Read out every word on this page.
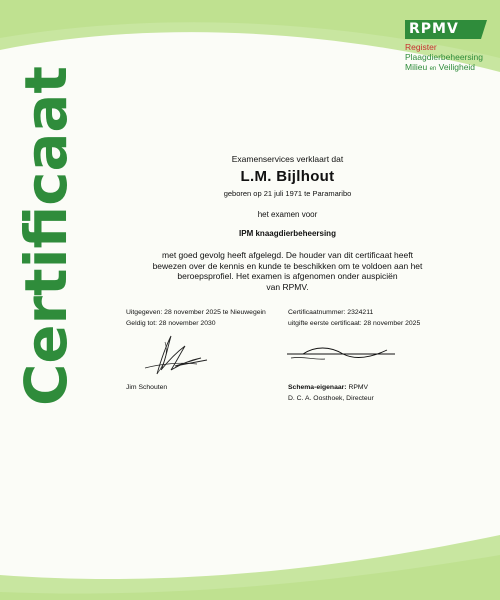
RPMV
Register
Plaagdierbeheersing
Milieu en Veiligheid
Certificaat	Examenservices verklaart dat
L.M. Bijlhout
geboren op 21 juli 1971 te Paramaribo
het examen voor
IPM knaagdierbeheersing
met goed gevolg heeft afgelegd. De houder van dit certificaat heeft
bewezen over de kennis en kunde te beschikken om te voldoen aan het
beroepsprofiel. Het examen is afgenomen onder auspiciën
van RPMV.
Uitgegeven: 28 november 2025 te Nieuwegein
Geldig tot: 28 november 2030
Certificaatnummer: 2324211
uitgifte eerste certificaat: 28 november 2025
Jim Schouten	Schema-eigenaar: RPMV
D. C. A. Oosthoek, Directeur
